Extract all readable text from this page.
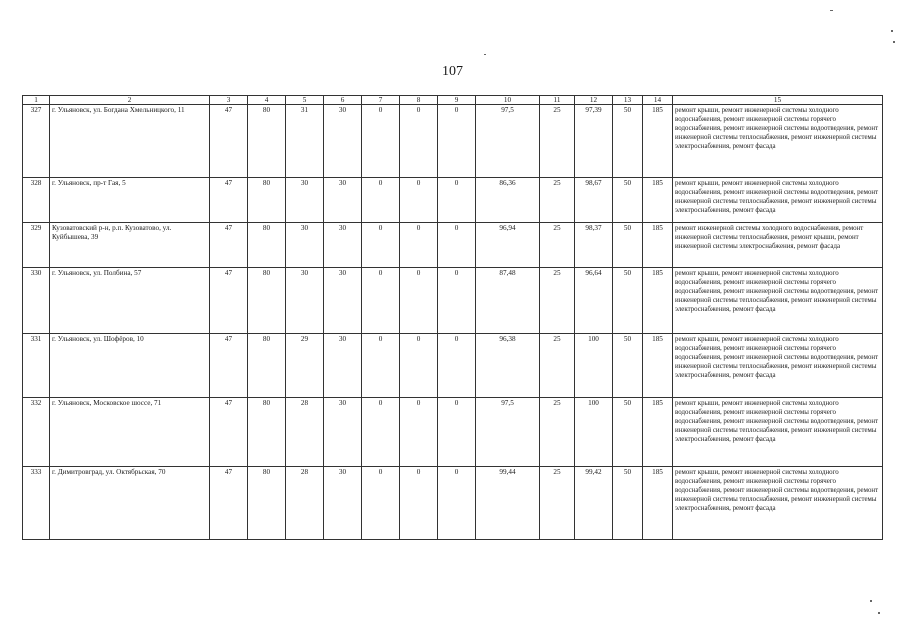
107
1	2	3	4	5	6	7	8	9	10	11	12	13	14	15
327	г. Ульяновск, ул. Богдана Хмельницкого, 11	47	80	31	30	0	0	0	97,5	25	97,39	50	185	ремонт крыши, ремонт инженерной системы холодного водоснабжения, ремонт инженерной системы горячего водоснабжения, ремонт инженерной системы водоотведения, ремонт инженерной системы теплоснабжения, ремонт инженерной системы электроснабжения, ремонт фасада
328	г. Ульяновск, пр-т Гая, 5	47	80	30	30	0	0	0	86,36	25	98,67	50	185	ремонт крыши, ремонт инженерной системы холодного водоснабжения, ремонт инженерной системы водоотведения, ремонт инженерной системы теплоснабжения, ремонт инженерной системы электроснабжения, ремонт фасада
329	Кузоватовский р-н, р.п. Кузоватово, ул. Куйбышева, 39	47	80	30	30	0	0	0	96,94	25	98,37	50	185	ремонт инженерной системы холодного водоснабжения, ремонт инженерной системы теплоснабжения, ремонт крыши, ремонт инженерной системы электроснабжения, ремонт фасада
330	г. Ульяновск, ул. Полбина, 57	47	80	30	30	0	0	0	87,48	25	96,64	50	185	ремонт крыши, ремонт инженерной системы холодного водоснабжения, ремонт инженерной системы горячего водоснабжения, ремонт инженерной системы водоотведения, ремонт инженерной системы теплоснабжения, ремонт инженерной системы электроснабжения, ремонт фасада
331	г. Ульяновск, ул. Шофёров, 10	47	80	29	30	0	0	0	96,38	25	100	50	185	ремонт крыши, ремонт инженерной системы холодного водоснабжения, ремонт инженерной системы горячего водоснабжения, ремонт инженерной системы водоотведения, ремонт инженерной системы теплоснабжения, ремонт инженерной системы электроснабжения, ремонт фасада
332	г. Ульяновск, Московское шоссе, 71	47	80	28	30	0	0	0	97,5	25	100	50	185	ремонт крыши, ремонт инженерной системы холодного водоснабжения, ремонт инженерной системы горячего водоснабжения, ремонт инженерной системы водоотведения, ремонт инженерной системы теплоснабжения, ремонт инженерной системы электроснабжения, ремонт фасада
333	г. Димитровград, ул. Октябрьская, 70	47	80	28	30	0	0	0	99,44	25	99,42	50	185	ремонт крыши, ремонт инженерной системы холодного водоснабжения, ремонт инженерной системы горячего водоснабжения, ремонт инженерной системы водоотведения, ремонт инженерной системы теплоснабжения, ремонт инженерной системы электроснабжения, ремонт фасада
